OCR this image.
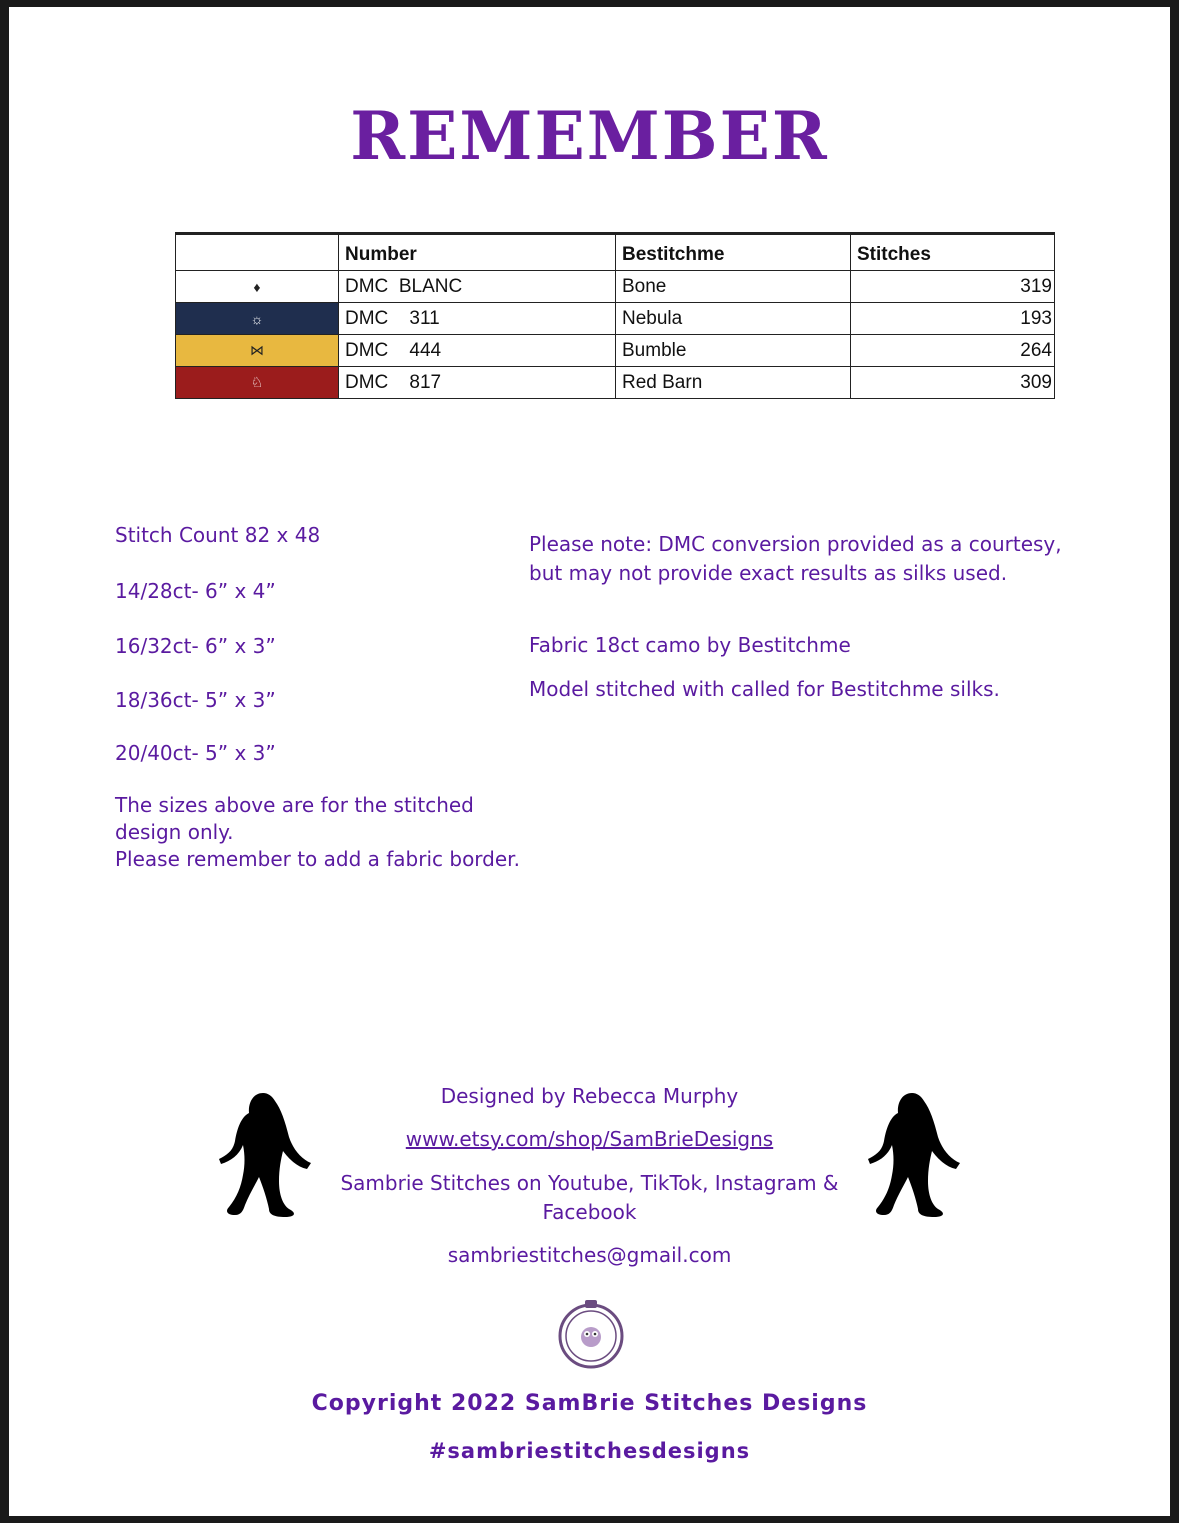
REMEMBER
	Number	Bestitchme	Stitches
♦	DMC  BLANC	Bone	319
☼	DMC    311	Nebula	193
⋈	DMC    444	Bumble	264
♘	DMC    817	Red Barn	309
Stitch Count 82 x 48
14/28ct- 6” x 4”
16/32ct- 6” x 3”
18/36ct- 5” x 3”
20/40ct- 5” x 3”
The sizes above are for the stitched
design only.
Please remember to add a fabric border.
Please note: DMC conversion provided as a courtesy, but may not provide exact results as silks used.
Fabric 18ct camo by Bestitchme
Model stitched with called for Bestitchme silks.
Designed by Rebecca Murphy
www.etsy.com/shop/SamBrieDesigns
Sambrie Stitches on Youtube, TikTok, Instagram & Facebook
sambriestitches@gmail.com
Copyright 2022 SamBrie Stitches Designs
#sambriestitchesdesigns
